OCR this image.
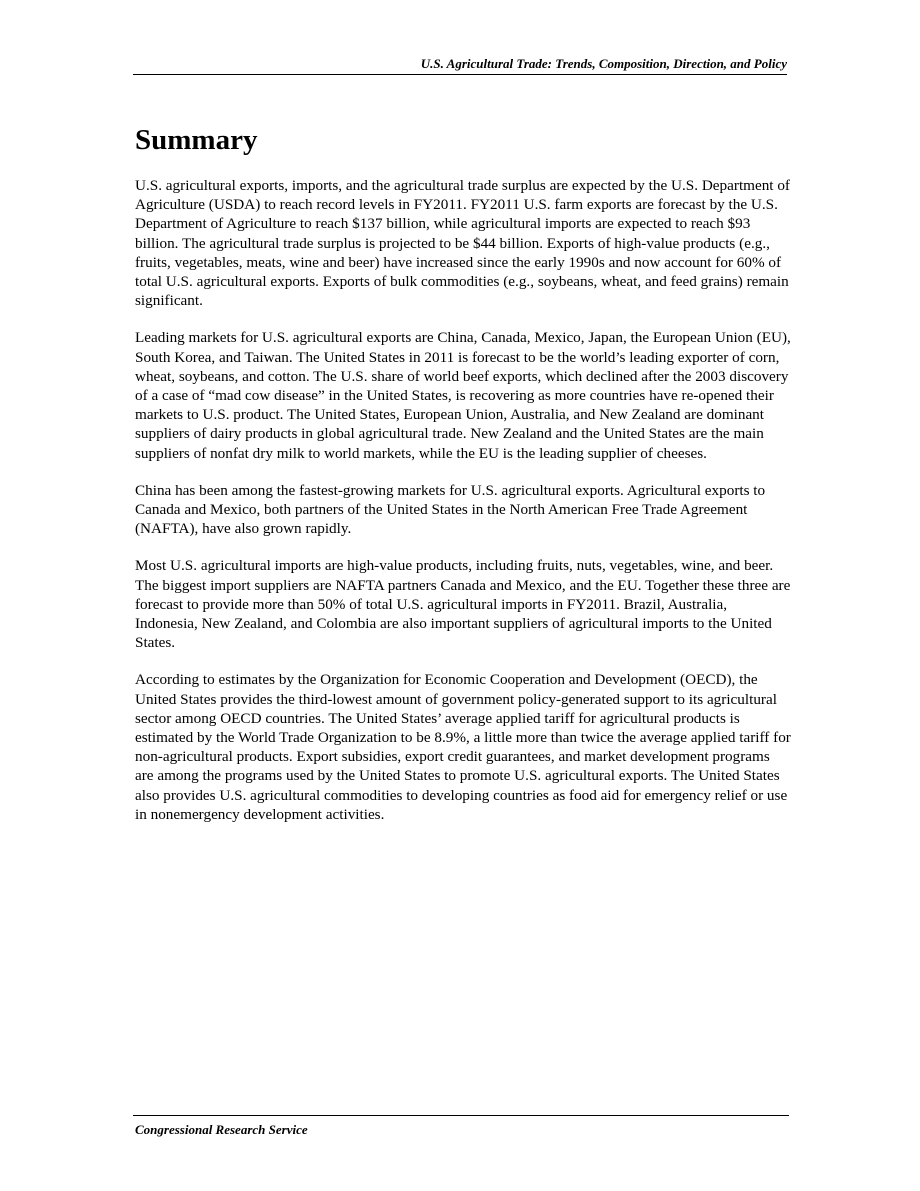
U.S. Agricultural Trade: Trends, Composition, Direction, and Policy
Summary

U.S. agricultural exports, imports, and the agricultural trade surplus are expected by the U.S. Department of Agriculture (USDA) to reach record levels in FY2011. FY2011 U.S. farm exports are forecast by the U.S. Department of Agriculture to reach $137 billion, while agricultural imports are expected to reach $93 billion. The agricultural trade surplus is projected to be $44 billion. Exports of high-value products (e.g., fruits, vegetables, meats, wine and beer) have increased since the early 1990s and now account for 60% of total U.S. agricultural exports. Exports of bulk commodities (e.g., soybeans, wheat, and feed grains) remain significant.

Leading markets for U.S. agricultural exports are China, Canada, Mexico, Japan, the European Union (EU), South Korea, and Taiwan. The United States in 2011 is forecast to be the world’s leading exporter of corn, wheat, soybeans, and cotton. The U.S. share of world beef exports, which declined after the 2003 discovery of a case of “mad cow disease” in the United States, is recovering as more countries have re-opened their markets to U.S. product. The United States, European Union, Australia, and New Zealand are dominant suppliers of dairy products in global agricultural trade. New Zealand and the United States are the main suppliers of nonfat dry milk to world markets, while the EU is the leading supplier of cheeses.

China has been among the fastest-growing markets for U.S. agricultural exports. Agricultural exports to Canada and Mexico, both partners of the United States in the North American Free Trade Agreement (NAFTA), have also grown rapidly.

Most U.S. agricultural imports are high-value products, including fruits, nuts, vegetables, wine, and beer. The biggest import suppliers are NAFTA partners Canada and Mexico, and the EU. Together these three are forecast to provide more than 50% of total U.S. agricultural imports in FY2011. Brazil, Australia, Indonesia, New Zealand, and Colombia are also important suppliers of agricultural imports to the United States.

According to estimates by the Organization for Economic Cooperation and Development (OECD), the United States provides the third-lowest amount of government policy-generated support to its agricultural sector among OECD countries. The United States’ average applied tariff for agricultural products is estimated by the World Trade Organization to be 8.9%, a little more than twice the average applied tariff for non-agricultural products. Export subsidies, export credit guarantees, and market development programs are among the programs used by the United States to promote U.S. agricultural exports. The United States also provides U.S. agricultural commodities to developing countries as food aid for emergency relief or use in nonemergency development activities.

Congressional Research Service
